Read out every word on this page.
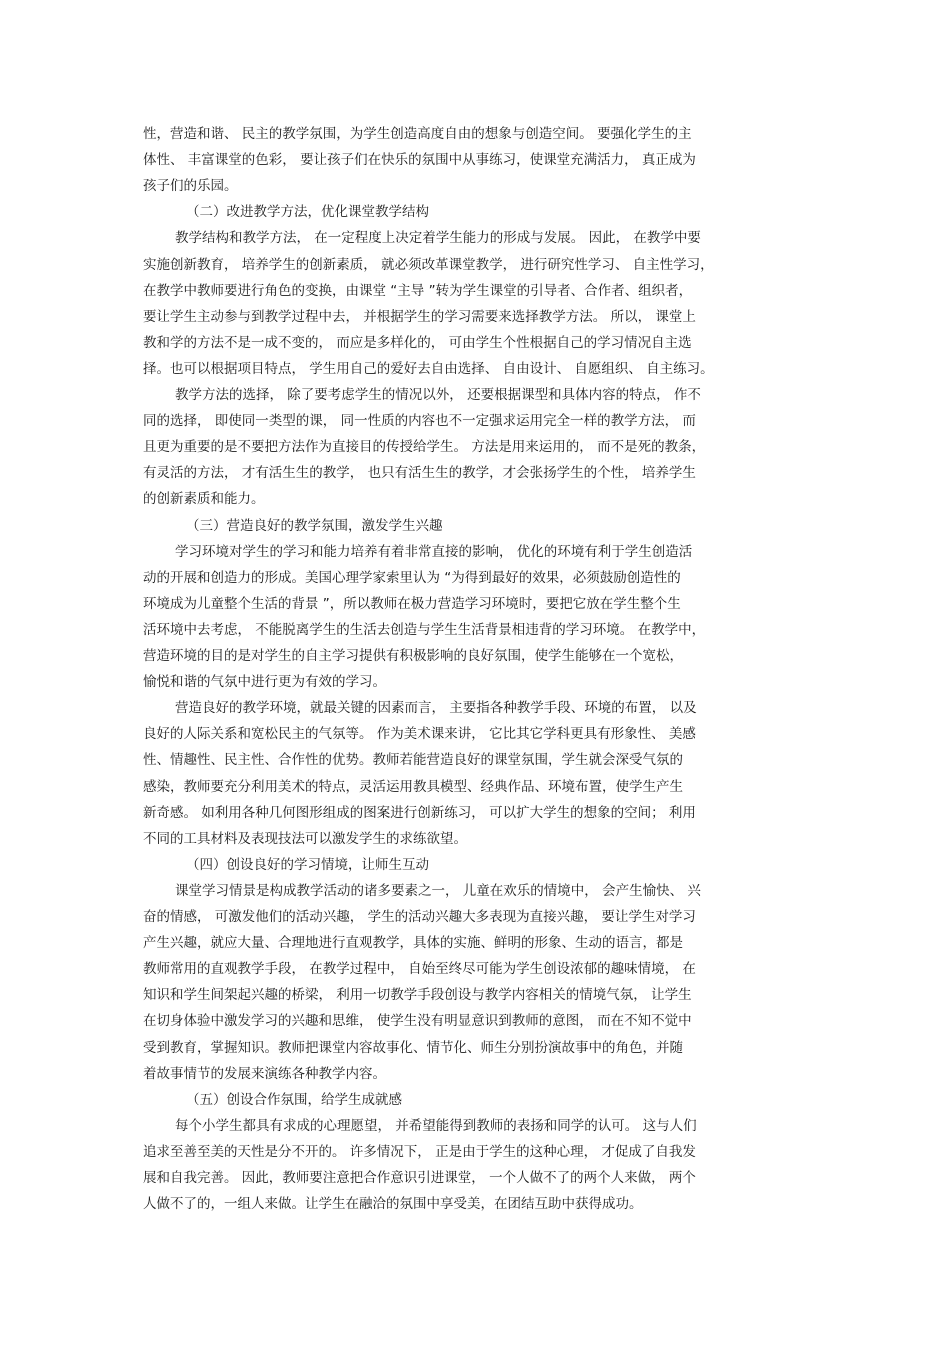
性，营造和谐、 民主的教学氛围，为学生创造高度自由的想象与创造空间。 要强化学生的主
体性、 丰富课堂的色彩， 要让孩子们在快乐的氛围中从事练习，使课堂充满活力， 真正成为
孩子们的乐园。
（二）改进教学方法，优化课堂教学结构
教学结构和教学方法， 在一定程度上决定着学生能力的形成与发展。 因此， 在教学中要
实施创新教育， 培养学生的创新素质， 就必须改革课堂教学， 进行研究性学习、 自主性学习，
在教学中教师要进行角色的变换，由课堂 “主导 ”转为学生课堂的引导者、合作者、组织者，
要让学生主动参与到教学过程中去， 并根据学生的学习需要来选择教学方法。 所以， 课堂上
教和学的方法不是一成不变的， 而应是多样化的， 可由学生个性根据自己的学习情况自主选
择。也可以根据项目特点， 学生用自己的爱好去自由选择、 自由设计、 自愿组织、 自主练习。
教学方法的选择， 除了要考虑学生的情况以外， 还要根据课型和具体内容的特点， 作不
同的选择， 即使同一类型的课， 同一性质的内容也不一定强求运用完全一样的教学方法， 而
且更为重要的是不要把方法作为直接目的传授给学生。 方法是用来运用的， 而不是死的教条，
有灵活的方法， 才有活生生的教学， 也只有活生生的教学，才会张扬学生的个性， 培养学生
的创新素质和能力。
（三）营造良好的教学氛围，激发学生兴趣
学习环境对学生的学习和能力培养有着非常直接的影响， 优化的环境有利于学生创造活
动的开展和创造力的形成。美国心理学家索里认为 “为得到最好的效果，必须鼓励创造性的
环境成为儿童整个生活的背景 ”，所以教师在极力营造学习环境时，要把它放在学生整个生
活环境中去考虑， 不能脱离学生的生活去创造与学生生活背景相违背的学习环境。 在教学中，
营造环境的目的是对学生的自主学习提供有积极影响的良好氛围，使学生能够在一个宽松，
愉悦和谐的气氛中进行更为有效的学习。
营造良好的教学环境，就最关键的因素而言， 主要指各种教学手段、环境的布置， 以及
良好的人际关系和宽松民主的气氛等。 作为美术课来讲， 它比其它学科更具有形象性、 美感
性、情趣性、民主性、合作性的优势。教师若能营造良好的课堂氛围，学生就会深受气氛的
感染，教师要充分利用美术的特点，灵活运用教具模型、经典作品、环境布置，使学生产生
新奇感。 如利用各种几何图形组成的图案进行创新练习， 可以扩大学生的想象的空间； 利用
不同的工具材料及表现技法可以激发学生的求练欲望。
（四）创设良好的学习情境，让师生互动
课堂学习情景是构成教学活动的诸多要素之一， 儿童在欢乐的情境中， 会产生愉快、 兴
奋的情感， 可激发他们的活动兴趣， 学生的活动兴趣大多表现为直接兴趣， 要让学生对学习
产生兴趣，就应大量、合理地进行直观教学，具体的实施、鲜明的形象、生动的语言，都是
教师常用的直观教学手段， 在教学过程中， 自始至终尽可能为学生创设浓郁的趣味情境， 在
知识和学生间架起兴趣的桥梁， 利用一切教学手段创设与教学内容相关的情境气氛， 让学生
在切身体验中激发学习的兴趣和思维， 使学生没有明显意识到教师的意图， 而在不知不觉中
受到教育，掌握知识。教师把课堂内容故事化、情节化、师生分别扮演故事中的角色，并随
着故事情节的发展来演练各种教学内容。
（五）创设合作氛围，给学生成就感
每个小学生都具有求成的心理愿望， 并希望能得到教师的表扬和同学的认可。 这与人们
追求至善至美的天性是分不开的。 许多情况下， 正是由于学生的这种心理， 才促成了自我发
展和自我完善。 因此，教师要注意把合作意识引进课堂， 一个人做不了的两个人来做， 两个
人做不了的，一组人来做。让学生在融洽的氛围中享受美，在团结互助中获得成功。
